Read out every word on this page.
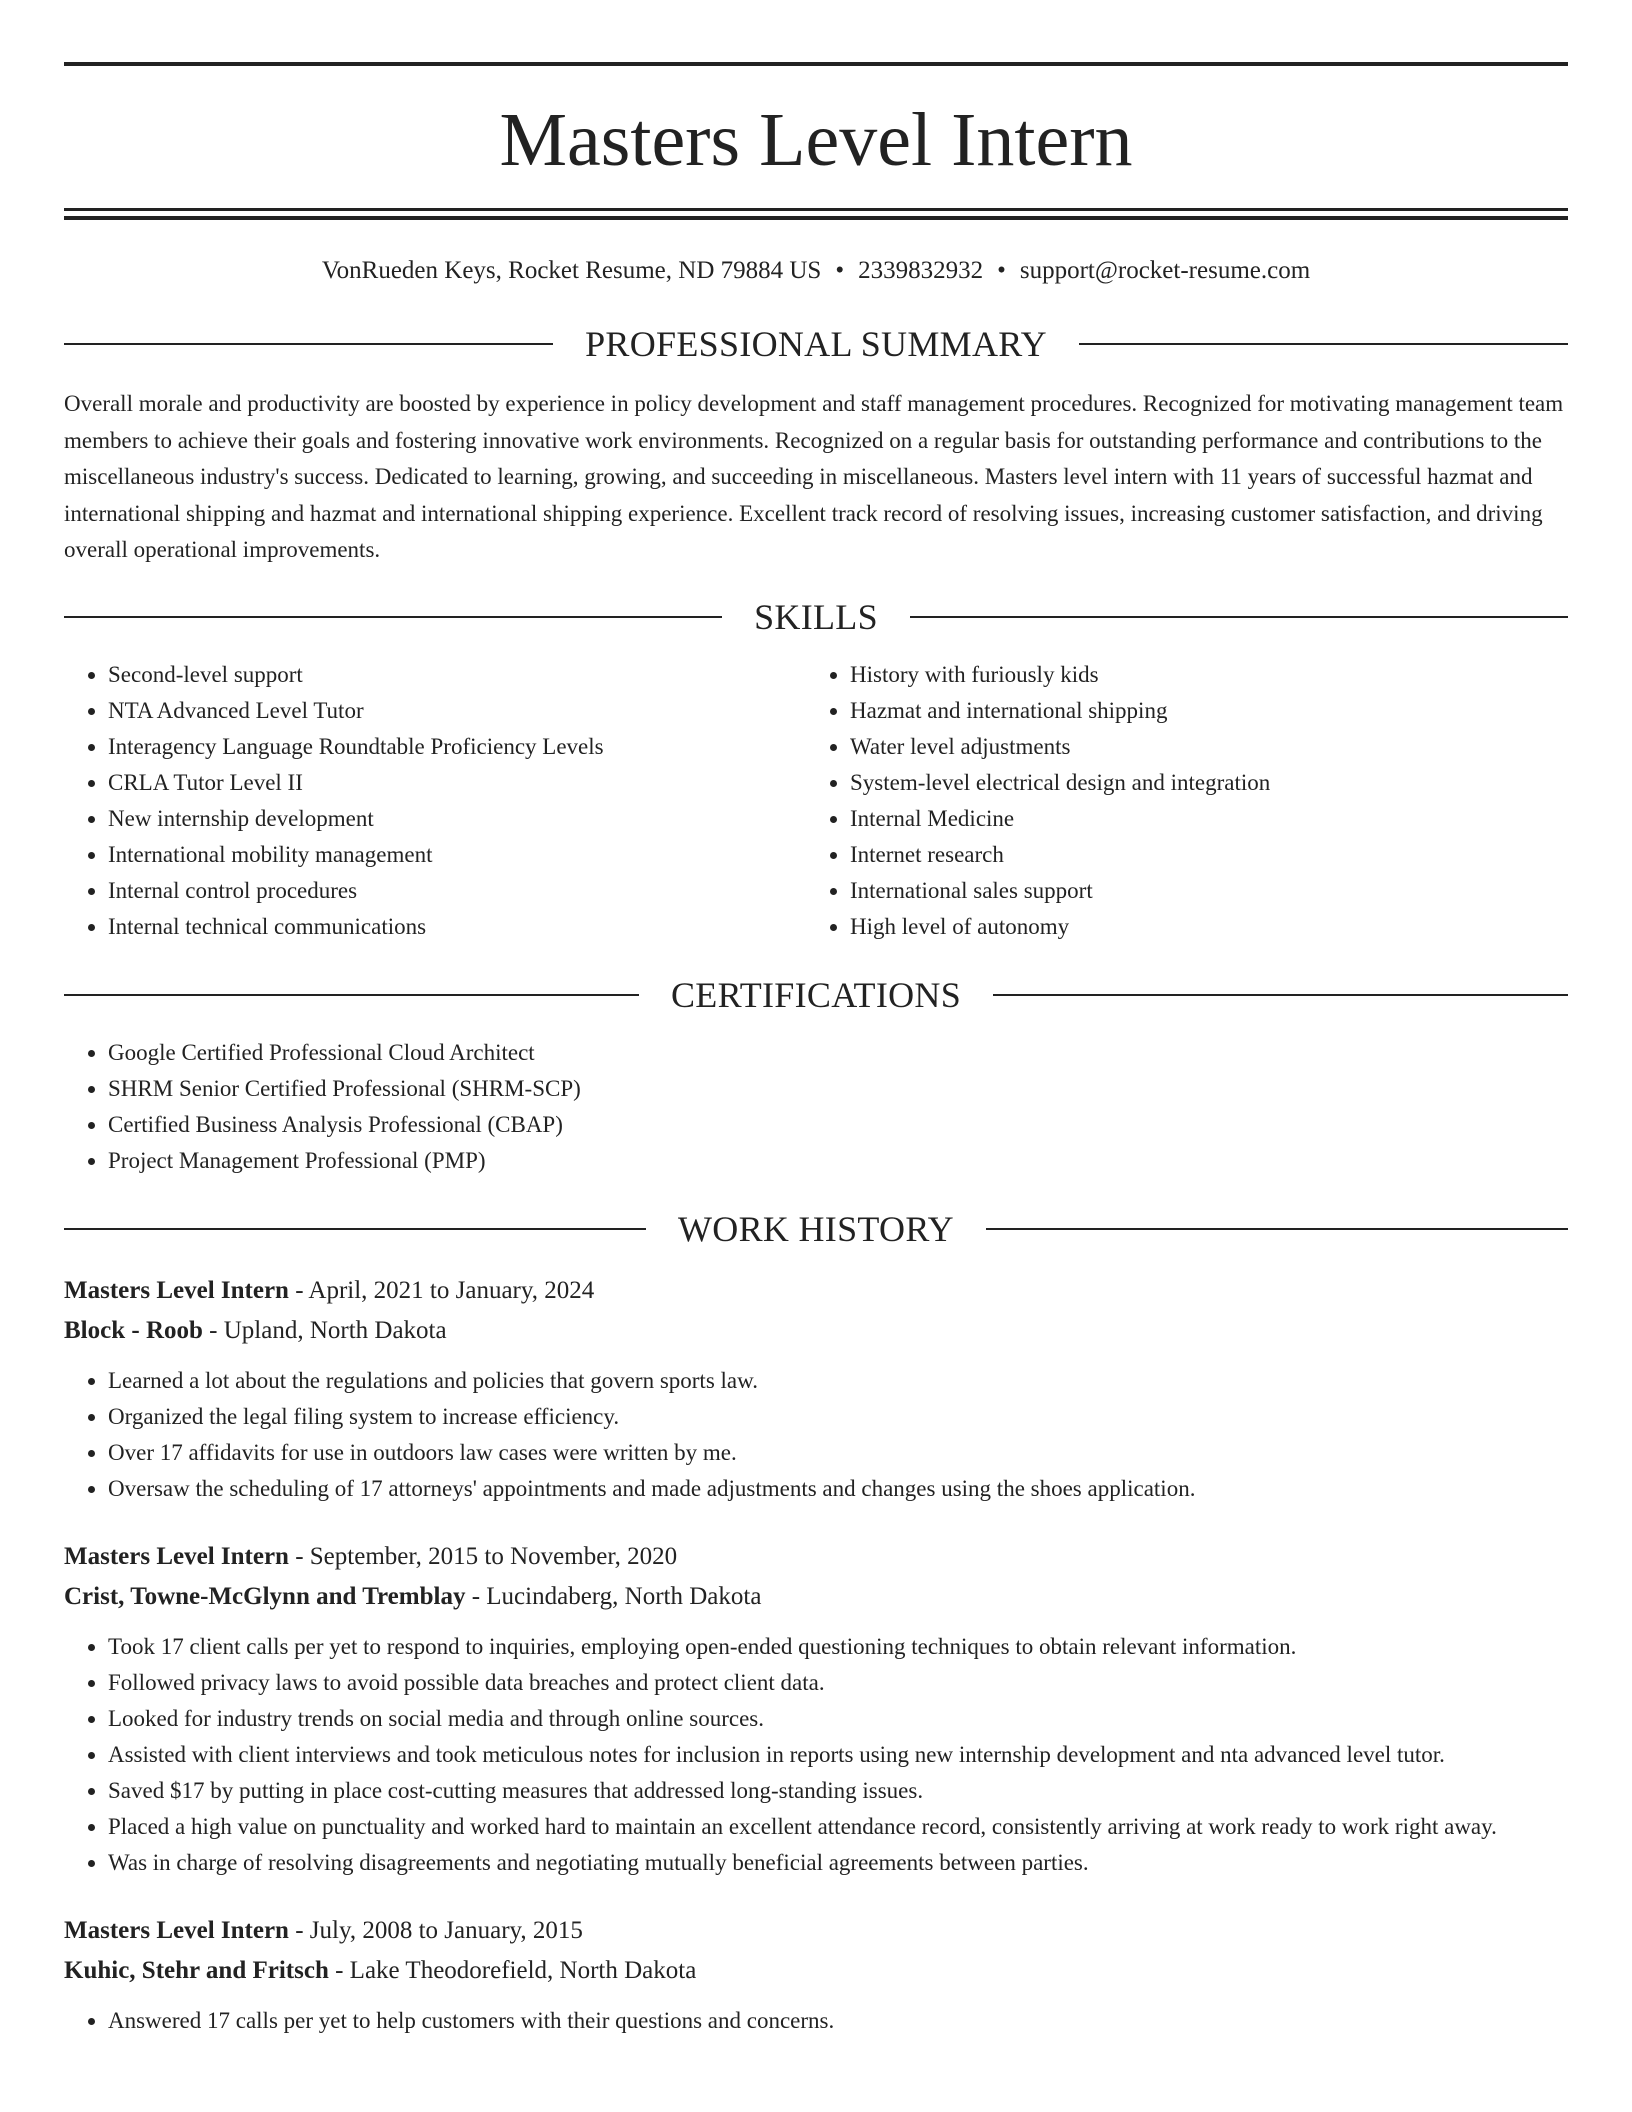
Masters Level Intern
VonRueden Keys, Rocket Resume, ND 79884 US • 2339832932 • support@rocket-resume.com
PROFESSIONAL SUMMARY

Overall morale and productivity are boosted by experience in policy development and staff management procedures. Recognized for motivating management team members to achieve their goals and fostering innovative work environments. Recognized on a regular basis for outstanding performance and contributions to the miscellaneous industry's success. Dedicated to learning, growing, and succeeding in miscellaneous. Masters level intern with 11 years of successful hazmat and international shipping and hazmat and international shipping experience. Excellent track record of resolving issues, increasing customer satisfaction, and driving overall operational improvements.

SKILLS
• Second-level support
• NTA Advanced Level Tutor
• Interagency Language Roundtable Proficiency Levels
• CRLA Tutor Level II
• New internship development
• International mobility management
• Internal control procedures
• Internal technical communications
• History with furiously kids
• Hazmat and international shipping
• Water level adjustments
• System-level electrical design and integration
• Internal Medicine
• Internet research
• International sales support
• High level of autonomy
CERTIFICATIONS
• Google Certified Professional Cloud Architect
• SHRM Senior Certified Professional (SHRM-SCP)
• Certified Business Analysis Professional (CBAP)
• Project Management Professional (PMP)
WORK HISTORY
Masters Level Intern - April, 2021 to January, 2024
Block - Roob - Upland, North Dakota
• Learned a lot about the regulations and policies that govern sports law.
• Organized the legal filing system to increase efficiency.
• Over 17 affidavits for use in outdoors law cases were written by me.
• Oversaw the scheduling of 17 attorneys' appointments and made adjustments and changes using the shoes application.
Masters Level Intern - September, 2015 to November, 2020
Crist, Towne-McGlynn and Tremblay - Lucindaberg, North Dakota
• Took 17 client calls per yet to respond to inquiries, employing open-ended questioning techniques to obtain relevant information.
• Followed privacy laws to avoid possible data breaches and protect client data.
• Looked for industry trends on social media and through online sources.
• Assisted with client interviews and took meticulous notes for inclusion in reports using new internship development and nta advanced level tutor.
• Saved $17 by putting in place cost-cutting measures that addressed long-standing issues.
• Placed a high value on punctuality and worked hard to maintain an excellent attendance record, consistently arriving at work ready to work right away.
• Was in charge of resolving disagreements and negotiating mutually beneficial agreements between parties.
Masters Level Intern - July, 2008 to January, 2015
Kuhic, Stehr and Fritsch - Lake Theodorefield, North Dakota
• Answered 17 calls per yet to help customers with their questions and concerns.
